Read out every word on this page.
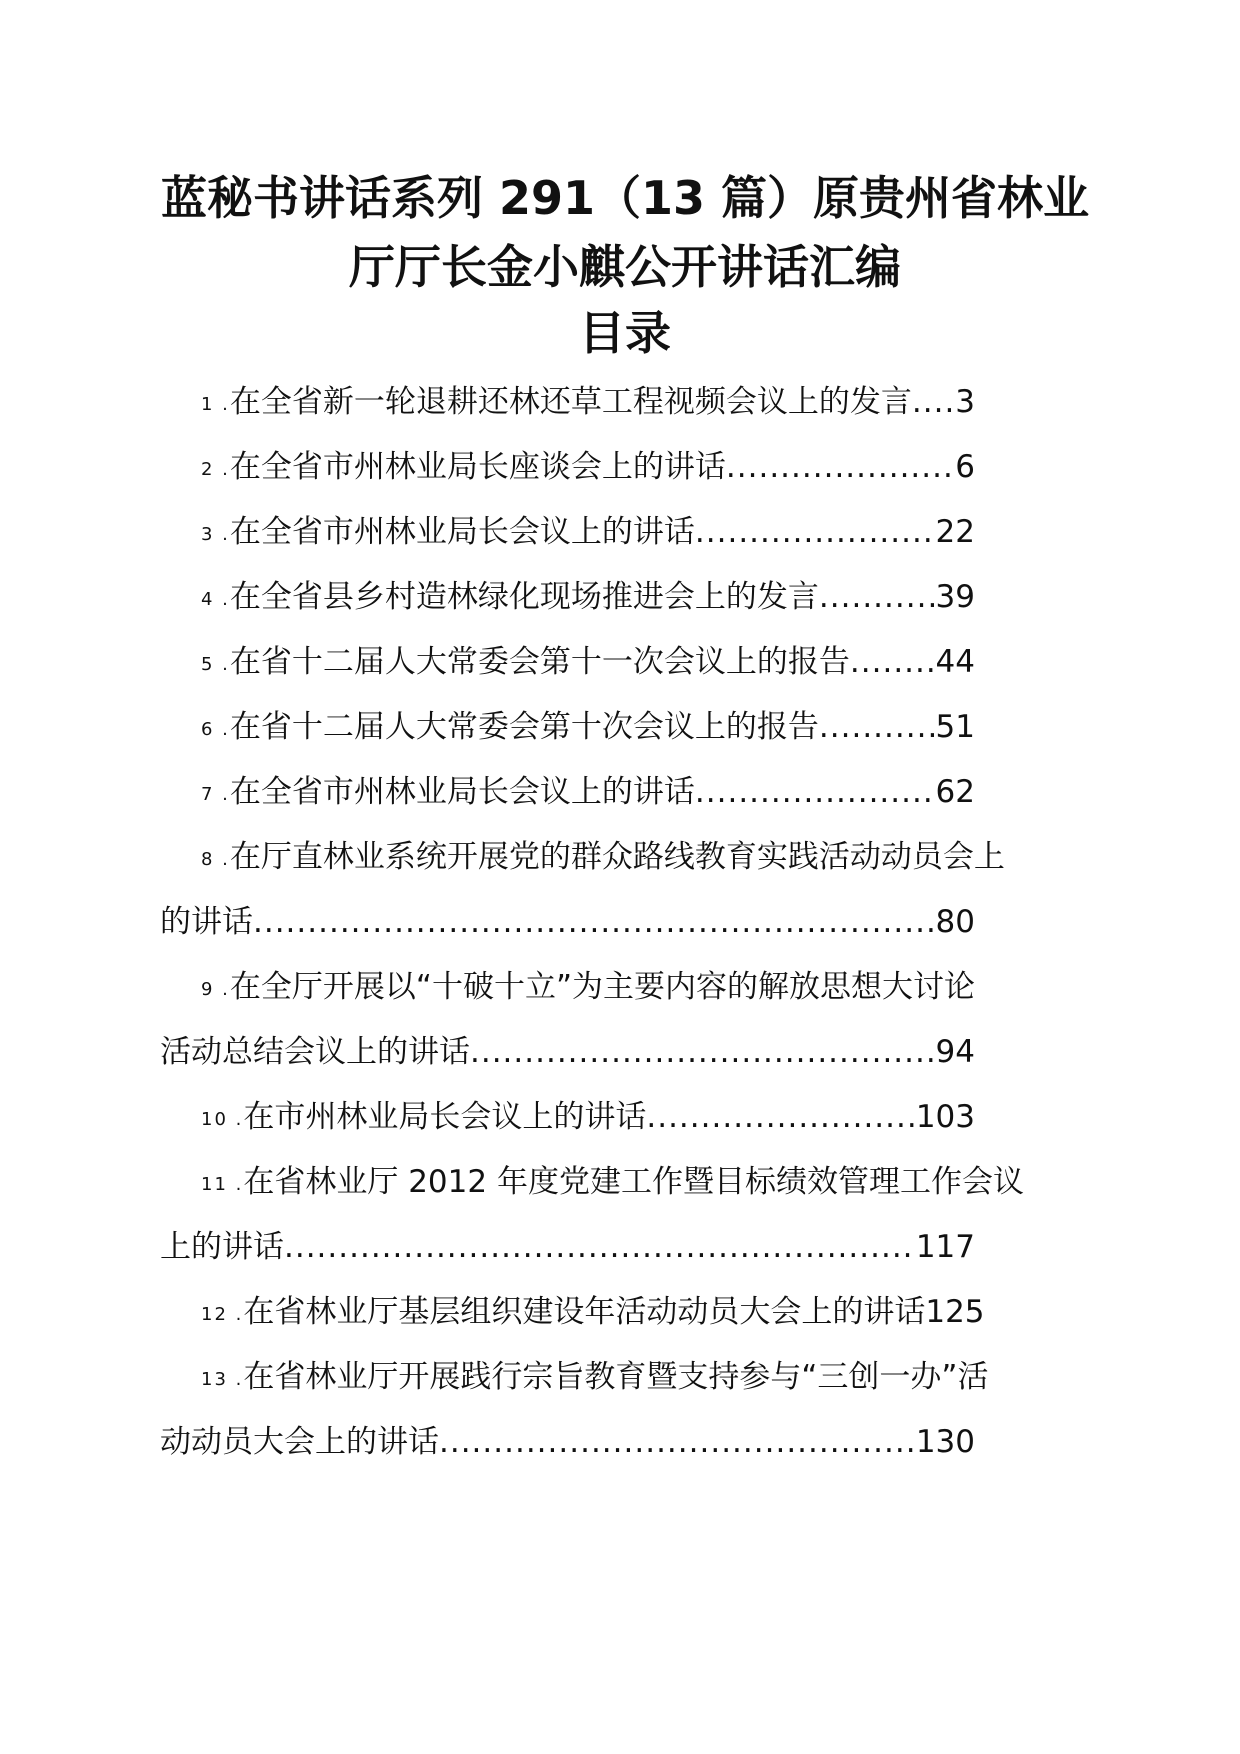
蓝秘书讲话系列 291（13 篇）原贵州省林业
厅厅长金小麒公开讲话汇编
目录
1 .在全省新一轮退耕还林还草工程视频会议上的发言 ..... 3
2 .在全省市州林业局长座谈会上的讲话 .....	6
3 .在全省市州林业局长会议上的讲话 .....	22
4 .在全省县乡村造林绿化现场推进会上的发言 .....	39
5 .在省十二届人大常委会第十一次会议上的报告 .....	44
6 .在省十二届人大常委会第十次会议上的报告 .....	51
7 .在全省市州林业局长会议上的讲话 .....	62
8 .在厅直林业系统开展党的群众路线教育实践活动动员会上
的讲话 .....	80
9 .在全厅开展以“十破十立”为主要内容的解放思想大讨论
活动总结会议上的讲话 .....	94
10 .在市州林业局长会议上的讲话 .....	103
11 .在省林业厅 2012 年度党建工作暨目标绩效管理工作会议
上的讲话 .....	117
12 .在省林业厅基层组织建设年活动动员大会上的讲话 125
13 .在省林业厅开展践行宗旨教育暨支持参与“三创一办”活
动动员大会上的讲话 .....	130
